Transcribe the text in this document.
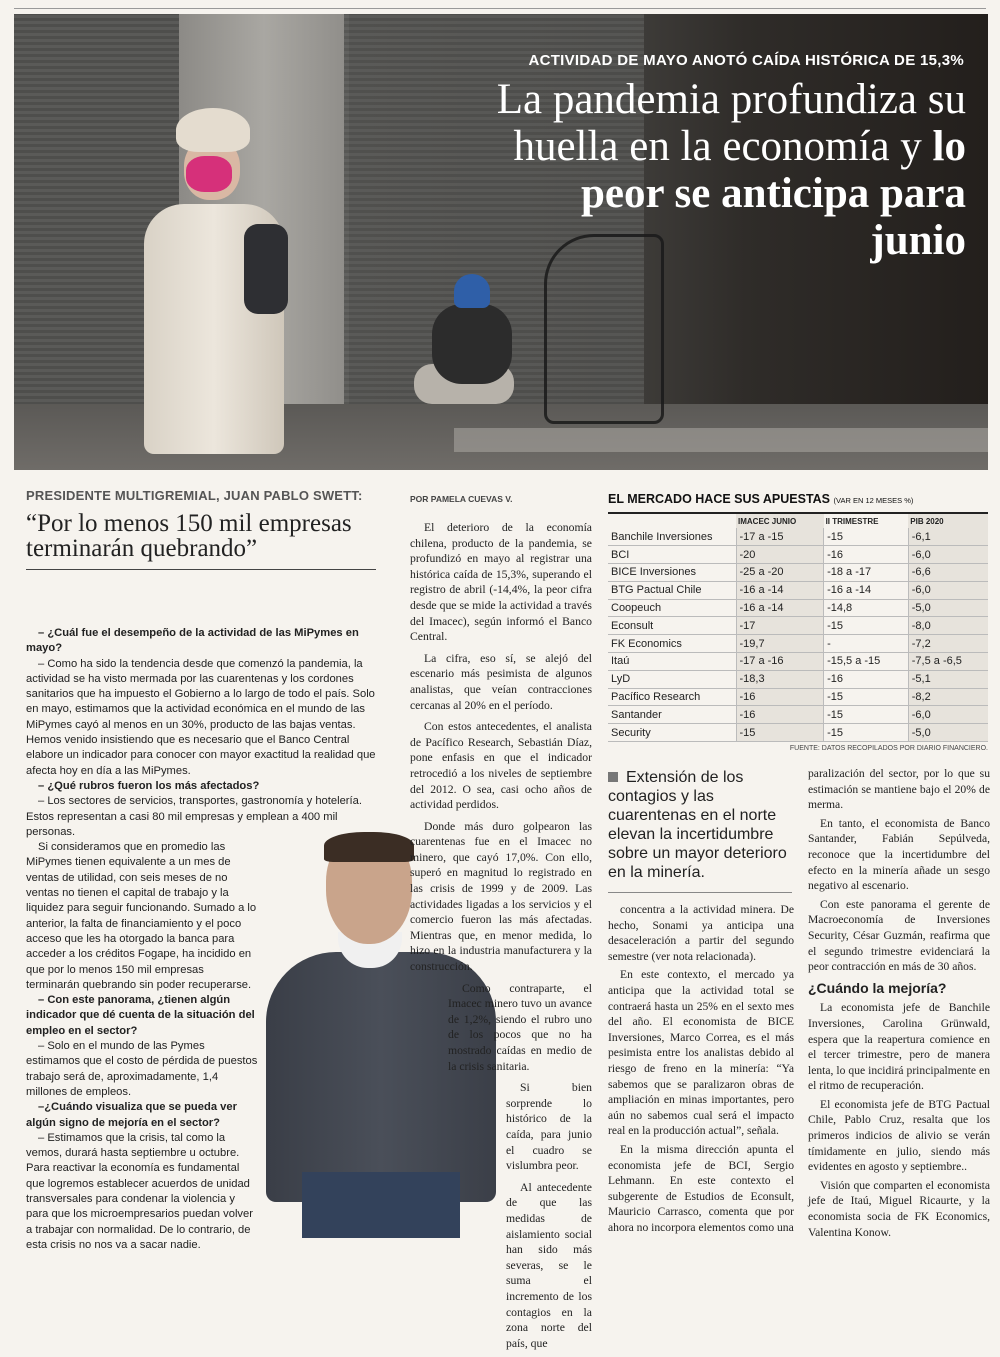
ACTIVIDAD DE MAYO ANOTÓ CAÍDA HISTÓRICA DE 15,3%
La pandemia profundiza su huella en la economía y lo peor se anticipa para junio
PRESIDENTE MULTIGREMIAL, JUAN PABLO SWETT:
“Por lo menos 150 mil empresas terminarán quebrando”

– ¿Cuál fue el desempeño de la actividad de las MiPymes en mayo?

– Como ha sido la tendencia desde que comenzó la pandemia, la actividad se ha visto mermada por las cuarentenas y los cordones sanitarios que ha impuesto el Gobierno a lo largo de todo el país. Solo en mayo, estimamos que la actividad económica en el mundo de las MiPymes cayó al menos en un 30%, producto de las bajas ventas. Hemos venido insistiendo que es necesario que el Banco Central elabore un indicador para conocer con mayor exactitud la realidad que afecta hoy en día a las MiPymes.

– ¿Qué rubros fueron los más afectados?

– Los sectores de servicios, transportes, gastronomía y hotelería. Estos representan a casi 80 mil empresas y emplean a 400 mil personas.

Si consideramos que en promedio las MiPymes tienen equivalente a un mes de ventas de utilidad, con seis meses de no ventas no tienen el capital de trabajo y la liquidez para seguir funcionando. Sumado a lo anterior, la falta de financiamiento y el poco acceso que les ha otorgado la banca para acceder a los créditos Fogape, ha incidido en que por lo menos 150 mil empresas terminarán quebrando sin poder recuperarse.

– Con este panorama, ¿tienen algún indicador que dé cuenta de la situación del empleo en el sector?

– Solo en el mundo de las Pymes estimamos que el costo de pérdida de puestos trabajo será de, aproximadamente, 1,4 millones de empleos.

–¿Cuándo visualiza que se pueda ver algún signo de mejoría en el sector?

– Estimamos que la crisis, tal como la vemos, durará hasta septiembre u octubre. Para reactivar la economía es fundamental que logremos establecer acuerdos de unidad transversales para condenar la violencia y para que los microempresarios puedan volver a trabajar con normalidad. De lo contrario, de esta crisis no nos va a sacar nadie.

POR PAMELA CUEVAS V.

El deterioro de la economía chilena, producto de la pandemia, se profundizó en mayo al registrar una histórica caída de 15,3%, superando el registro de abril (-14,4%, la peor cifra desde que se mide la actividad a través del Imacec), según informó el Banco Central.

La cifra, eso sí, se alejó del escenario más pesimista de algunos analistas, que veían contracciones cercanas al 20% en el período.

Con estos antecedentes, el analista de Pacífico Research, Sebastián Díaz, pone enfasis en que el indicador retrocedió a los niveles de septiembre del 2012. O sea, casi ocho años de actividad perdidos.

Donde más duro golpearon las cuarentenas fue en el Imacec no minero, que cayó 17,0%. Con ello, superó en magnitud lo registrado en las crisis de 1999 y de 2009. Las actividades ligadas a los servicios y el comercio fueron las más afectadas. Mientras que, en menor medida, lo hizo en la industria manufacturera y la construcción.

Como contraparte, el Imacec minero tuvo un avance de 1,2%, siendo el rubro uno de los pocos que no ha mostrado caídas en medio de la crisis sanitaria.

Si bien sorprende lo histórico de la caída, para junio el cuadro se vislumbra peor.

Al antecedente de que las medidas de aislamiento social han sido más severas, se le suma el incremento de los contagios en la zona norte del país, que

EL MERCADO HACE SUS APUESTAS (VAR EN 12 MESES %)
	IMACEC JUNIO	II TRIMESTRE	PIB 2020
Banchile Inversiones	-17 a -15	-15	-6,1
BCI	-20	-16	-6,0
BICE Inversiones	-25 a -20	-18 a -17	-6,6
BTG Pactual Chile	-16 a -14	-16 a -14	-6,0
Coopeuch	-16 a -14	-14,8	-5,0
Econsult	-17	-15	-8,0
FK Economics	-19,7	-	-7,2
Itaú	-17 a -16	-15,5 a -15	-7,5 a -6,5
LyD	-18,3	-16	-5,1
Pacífico Research	-16	-15	-8,2
Santander	-16	-15	-6,0
Security	-15	-15	-5,0
FUENTE: DATOS RECOPILADOS POR DIARIO FINANCIERO.
Extensión de los contagios y las cuarentenas en el norte elevan la incertidumbre sobre un mayor deterioro en la minería.

concentra a la actividad minera. De hecho, Sonami ya anticipa una desaceleración a partir del segundo semestre (ver nota relacionada).

En este contexto, el mercado ya anticipa que la actividad total se contraerá hasta un 25% en el sexto mes del año. El economista de BICE Inversiones, Marco Correa, es el más pesimista entre los analistas debido al riesgo de freno en la minería: “Ya sabemos que se paralizaron obras de ampliación en minas importantes, pero aún no sabemos cual será el impacto real en la producción actual”, señala.

En la misma dirección apunta el economista jefe de BCI, Sergio Lehmann. En este contexto el subgerente de Estudios de Econsult, Mauricio Carrasco, comenta que por ahora no incorpora elementos como una

paralización del sector, por lo que su estimación se mantiene bajo el 20% de merma.

En tanto, el economista de Banco Santander, Fabián Sepúlveda, reconoce que la incertidumbre del efecto en la minería añade un sesgo negativo al escenario.

Con este panorama el gerente de Macroeconomía de Inversiones Security, César Guzmán, reafirma que el segundo trimestre evidenciará la peor contracción en más de 30 años.

¿Cuándo la mejoría?

La economista jefe de Banchile Inversiones, Carolina Grünwald, espera que la reapertura comience en el tercer trimestre, pero de manera lenta, lo que incidirá principalmente en el ritmo de recuperación.

El economista jefe de BTG Pactual Chile, Pablo Cruz, resalta que los primeros indicios de alivio se verán tímidamente en julio, siendo más evidentes en agosto y septiembre..

Visión que comparten el economista jefe de Itaú, Miguel Ricaurte, y la economista socia de FK Economics, Valentina Konow.
